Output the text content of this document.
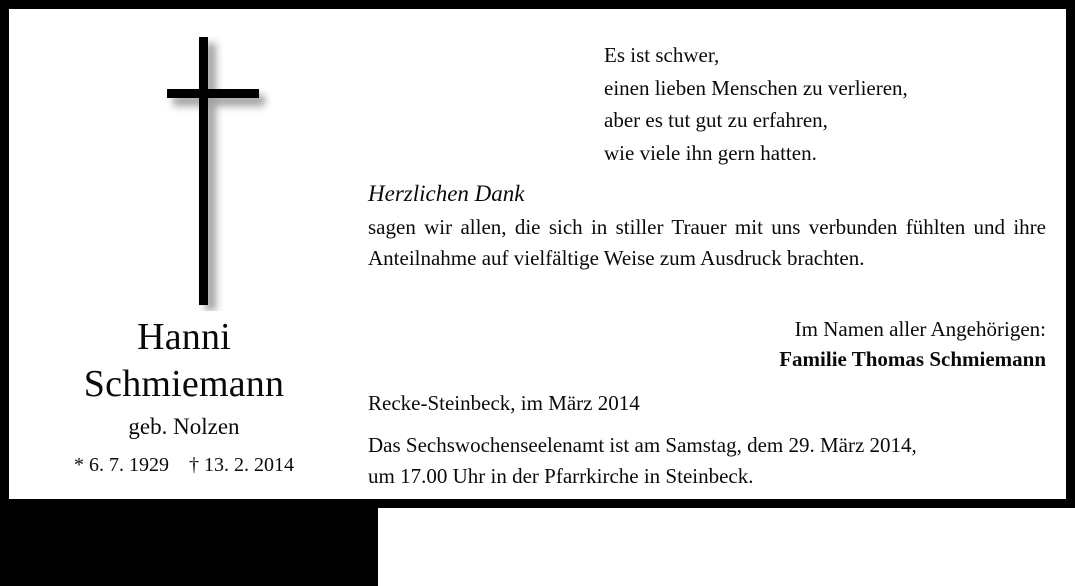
Hanni
Schmiemann
geb. Nolzen
* 6. 7. 1929    † 13. 2. 2014
Es ist schwer,
einen lieben Menschen zu verlieren,
aber es tut gut zu erfahren,
wie viele ihn gern hatten.
Herzlichen Dank
sagen wir allen, die sich in stiller Trauer mit uns verbunden fühlten und ihre Anteilnahme auf vielfältige Weise zum Ausdruck brachten.
Im Namen aller Angehörigen:
Familie Thomas Schmiemann
Recke-Steinbeck, im März 2014
Das Sechswochenseelenamt ist am Samstag, dem 29. März 2014,
um 17.00 Uhr in der Pfarrkirche in Steinbeck.
